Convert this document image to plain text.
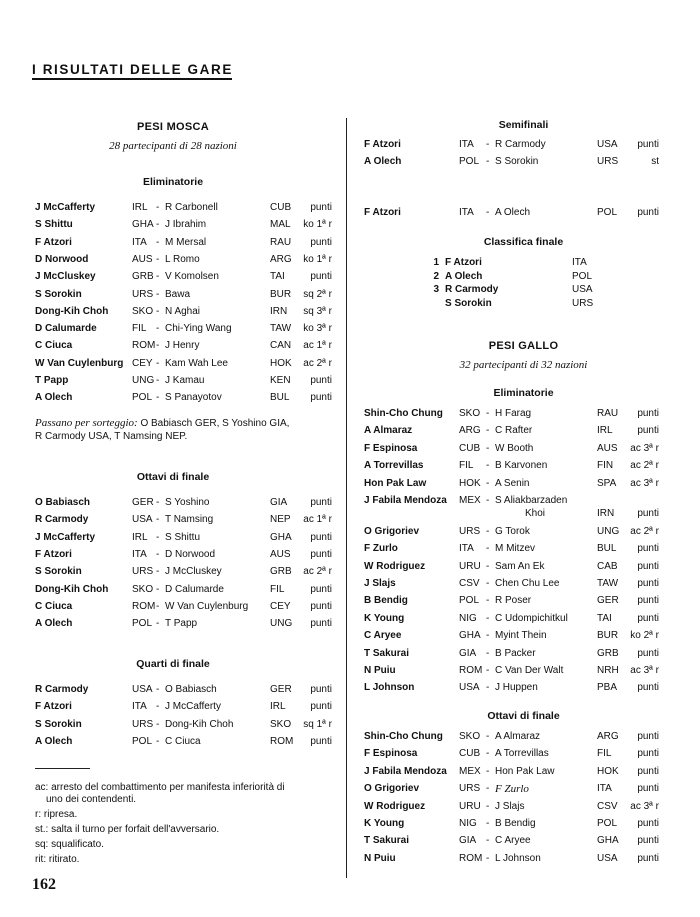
I RISULTATI DELLE GARE
PESI MOSCA
28 partecipanti di 28 nazioni
Eliminatorie
J McCafferty	IRL - R Carbonell	CUB	punti
S Shittu	GHA - J Ibrahim	MAL	ko 1ª r
F Atzori	ITA - M Mersal	RAU	punti
D Norwood	AUS - L Romo	ARG	ko 1ª r
J McCluskey	GRB - V Komolsen	TAI	punti
S Sorokin	URS - Bawa	BUR	sq 2ª r
Dong-Kih Choh SKO - N Aghai	IRN	sq 3ª r
D Calumarde	FIL - Chi-Ying Wang	TAW	ko 3ª r
C Ciuca	ROM - J Henry	CAN	ac 1ª r
W Van Cuylenburg CEY - Kam Wah Lee	HOK	ac 2ª r
T Papp	UNG - J Kamau	KEN	punti
A Olech	POL - S Panayotov	BUL	punti
Passano per sorteggio: O Babiasch GER, S Yoshino GIA,
R Carmody USA, T Namsing NEP.
Ottavi di finale
O Babiasch	GER - S Yoshino	GIA	punti
R Carmody	USA - T Namsing	NEP	ac 1ª r
J McCafferty	IRL - S Shittu	GHA	punti
F Atzori	ITA - D Norwood	AUS	punti
S Sorokin	URS - J McCluskey	GRB	ac 2ª r
Dong-Kih Choh SKO - D Calumarde	FIL	punti
C Ciuca	ROM - W Van Cuylenburg CEY	punti
A Olech	POL - T Papp	UNG	punti
Quarti di finale
R Carmody	USA - O Babiasch	GER	punti
F Atzori	ITA - J McCafferty	IRL	punti
S Sorokin	URS - Dong-Kih Choh	SKO	sq 1ª r
A Olech	POL - C Ciuca	ROM	punti
ac: arresto del combattimento per manifesta inferiorità di
uno dei contendenti.
r: ripresa.
st.: salta il turno per forfait dell'avversario.
sq: squalificato.
rit: ritirato.
Semifinali
F Atzori	ITA - R Carmody	USA	punti
A Olech	POL - S Sorokin	URS	st
F Atzori	ITA - A Olech	POL	punti
Classifica finale
1 F Atzori	ITA
2 A Olech	POL
3 R Carmody	USA
S Sorokin	URS
PESI GALLO
32 partecipanti di 32 nazioni
Eliminatorie
Shin-Cho Chung SKO - H Farag	RAU	punti
A Almaraz	ARG - C Rafter	IRL	punti
F Espinosa	CUB - W Booth	AUS	ac 3ª r
A Torrevillas	FIL - B Karvonen	FIN	ac 2ª r
Hon Pak Law	HOK - A Senin	SPA	ac 3ª r
J Fabila Mendoza MEX - S Aliakbarzaden
Khoi	IRN	punti
O Grigoriev	URS - G Torok	UNG	ac 2ª r
F Zurlo	ITA - M Mitzev	BUL	punti
W Rodriguez	URU - Sam An Ek	CAB	punti
J Slajs	CSV - Chen Chu Lee	TAW	punti
B Bendig	POL - R Poser	GER	punti
K Young	NIG - C Udompichitkul	TAI	punti
C Aryee	GHA - Myint Thein	BUR	ko 2ª r
T Sakurai	GIA - B Packer	GRB	punti
N Puiu	ROM - C Van Der Walt	NRH	ac 3ª r
L Johnson	USA - J Huppen	PBA	punti
Ottavi di finale
Shin-Cho Chung SKO - A Almaraz	ARG	punti
F Espinosa	CUB - A Torrevillas	FIL	punti
J Fabila Mendoza MEX - Hon Pak Law	HOK	punti
O Grigoriev	URS - F Zurlo	ITA	punti
W Rodriguez	URU - J Slajs	CSV	ac 3ª r
K Young	NIG - B Bendig	POL	punti
T Sakurai	GIA - C Aryee	GHA	punti
N Puiu	ROM - L Johnson	USA	punti
162
